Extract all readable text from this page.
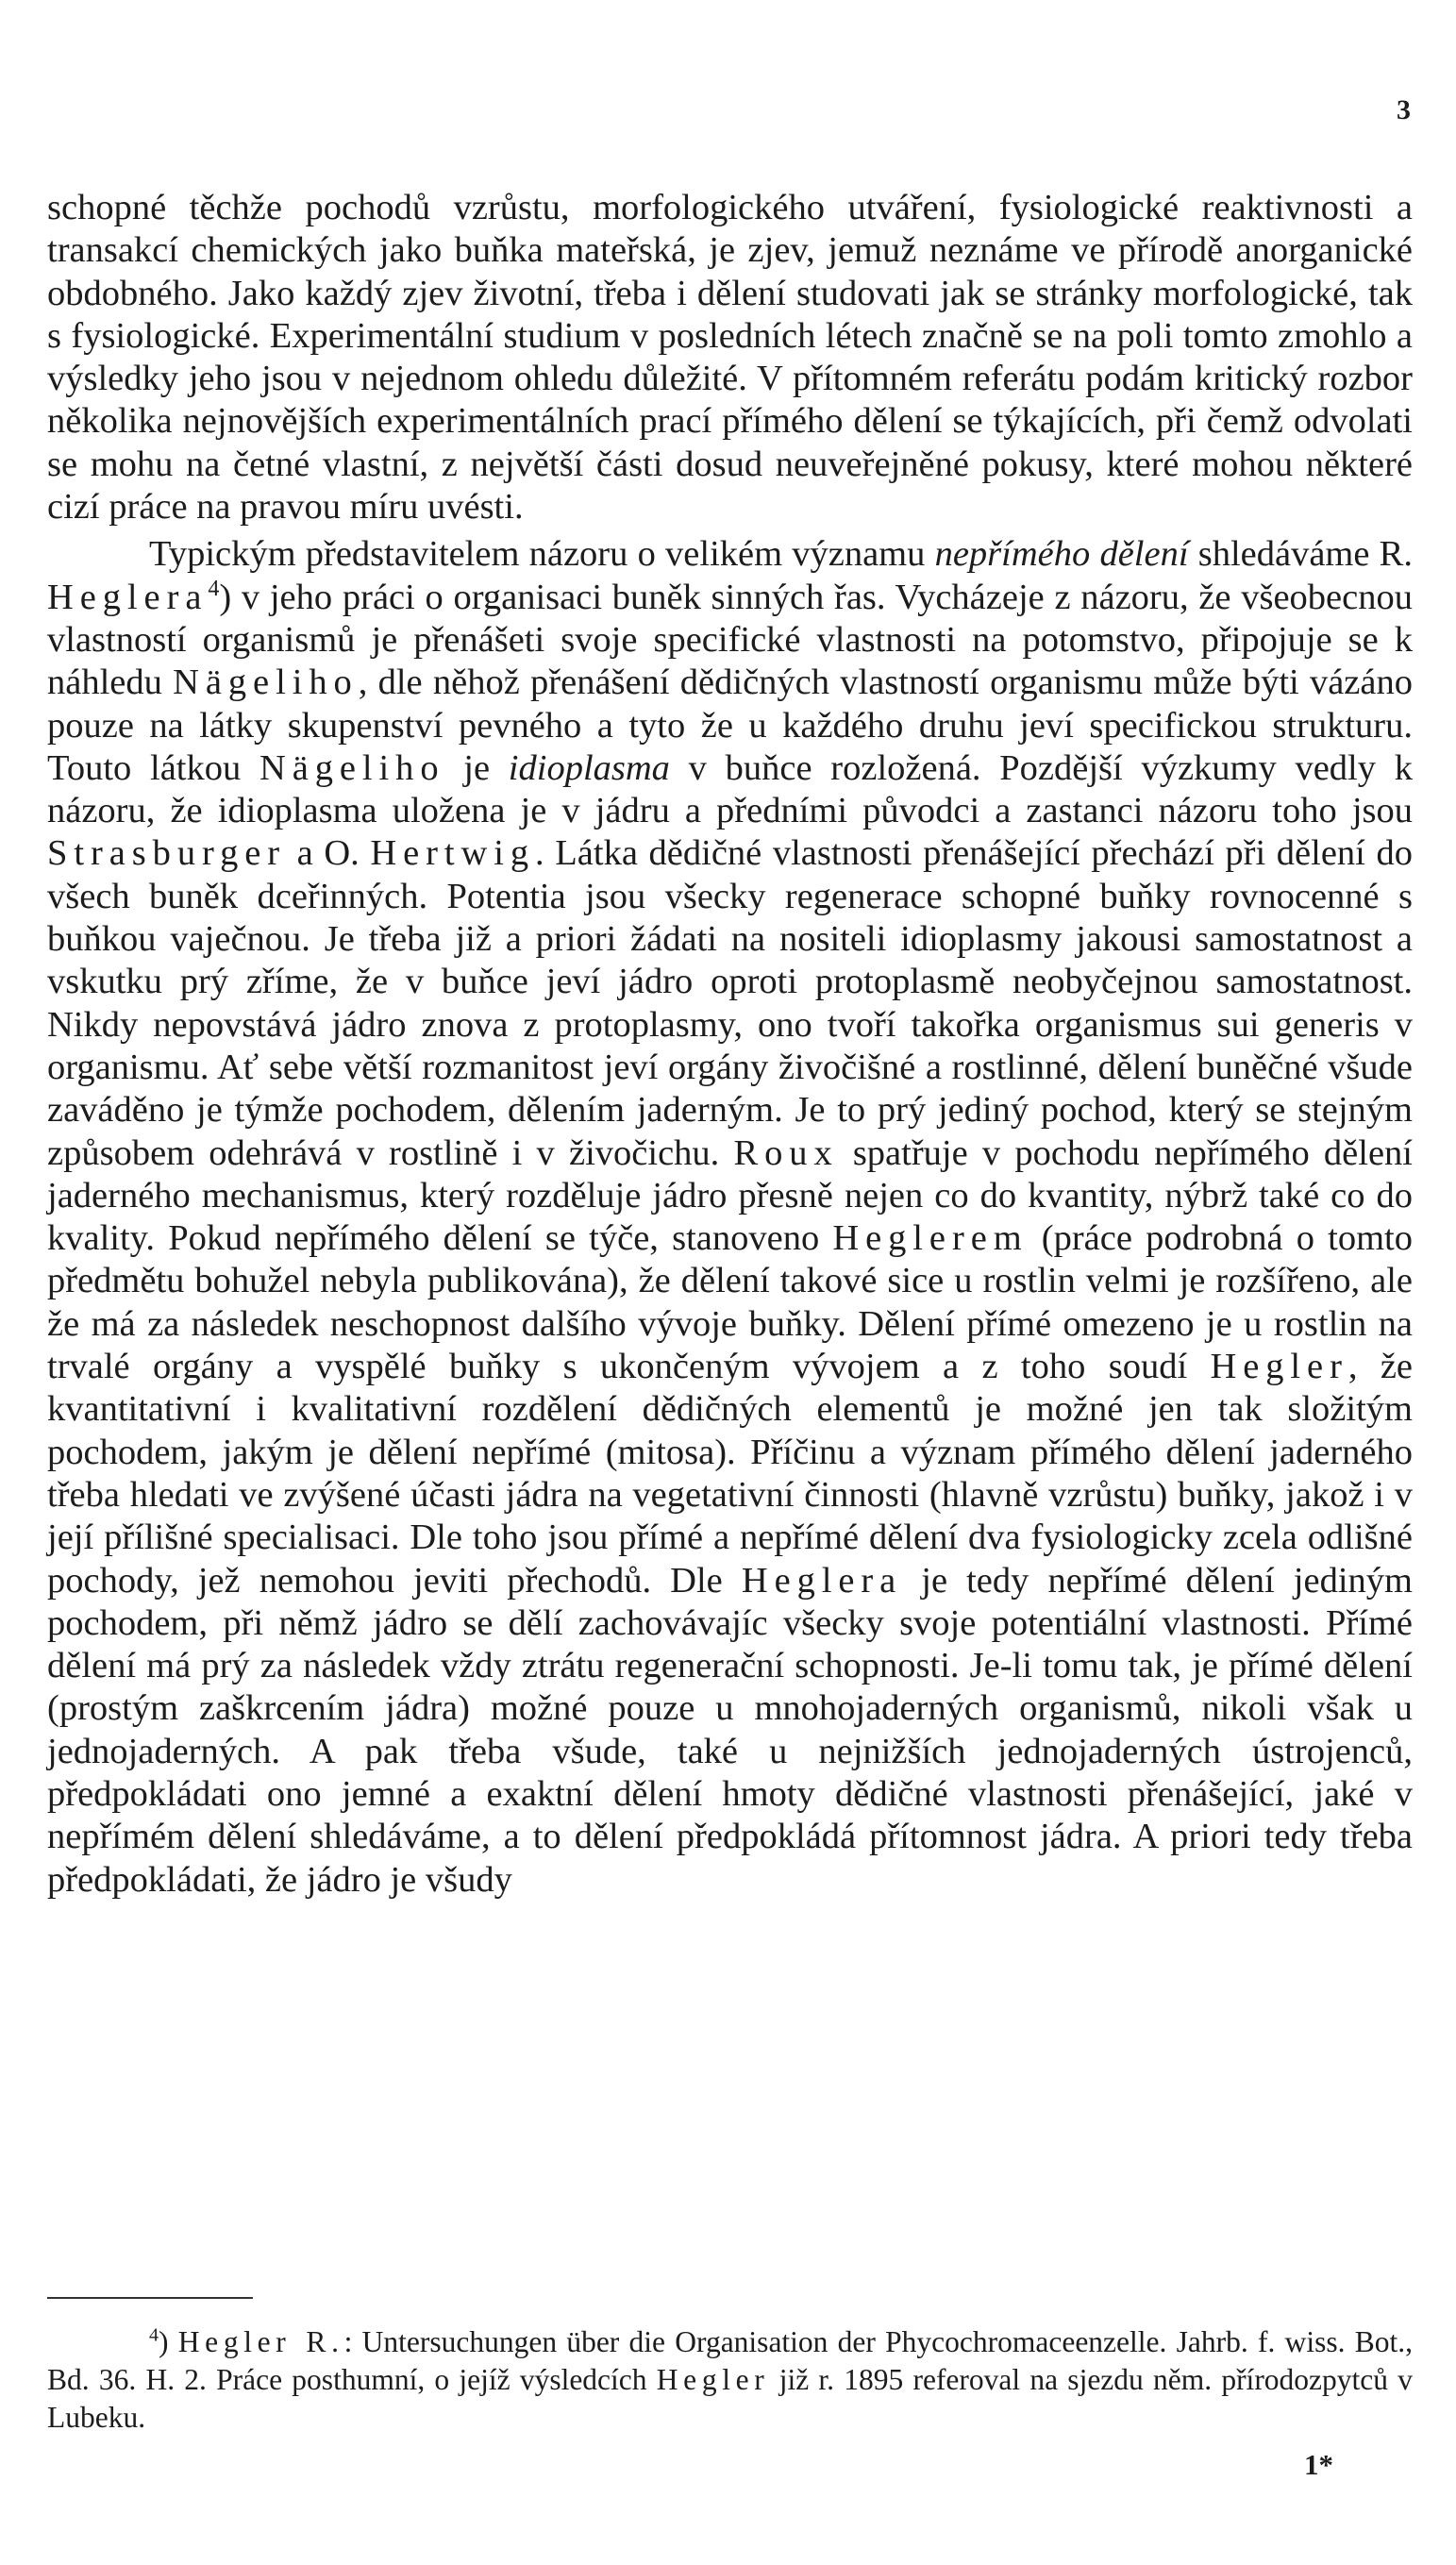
3

schopné těchže pochodů vzrůstu, morfologického utváření, fysiologické reaktivnosti a transakcí chemických jako buňka mateřská, je zjev, jemuž neznáme ve přírodě anorganické obdobného. Jako každý zjev životní, třeba i dělení studovati jak se stránky morfologické, tak s fysiologické. Experimentální studium v posledních létech značně se na poli tomto zmohlo a výsledky jeho jsou v nejednom ohledu důležité. V přítomném referátu podám kritický rozbor několika nejnovějších experimentálních prací přímého dělení se týkajících, při čemž odvolati se mohu na četné vlastní, z největší části dosud neuveřejněné pokusy, které mohou některé cizí práce na pravou míru uvésti.

Typickým představitelem názoru o velikém významu nepřímého dělení shledáváme R. Heglera$^4$) v jeho práci o organisaci buněk sinných řas. Vycházeje z názoru, že všeobecnou vlastností organismů je přenášeti svoje specifické vlastnosti na potomstvo, připojuje se k náhledu Nägeliho, dle něhož přenášení dědičných vlastností organismu může býti vázáno pouze na látky skupenství pevného a tyto že u každého druhu jeví specifickou strukturu. Touto látkou Nägeliho je idioplasma v buňce rozložená. Pozdější výzkumy vedly k názoru, že idioplasma uložena je v jádru a předními původci a zastanci názoru toho jsou Strasburger a O. Hertwig. Látka dědičné vlastnosti přenášející přechází při dělení do všech buněk dceřinných. Potentia jsou všecky regenerace schopné buňky rovnocenné s buňkou vaječnou. Je třeba již a priori žádati na nositeli idioplasmy jakousi samostatnost a vskutku prý zříme, že v buňce jeví jádro oproti protoplasmě neobyčejnou samostatnost. Nikdy nepovstává jádro znova z protoplasmy, ono tvoří takořka organismus sui generis v organismu. Ať sebe větší rozmanitost jeví orgány živočišné a rostlinné, dělení buněčné všude zaváděno je týmže pochodem, dělením jaderným. Je to prý jediný pochod, který se stejným způsobem odehrává v rostlině i v živočichu. Roux spatřuje v pochodu nepřímého dělení jaderného mechanismus, který rozděluje jádro přesně nejen co do kvantity, nýbrž také co do kvality. Pokud nepřímého dělení se týče, stanoveno Heglerem (práce podrobná o tomto předmětu bohužel nebyla publikována), že dělení takové sice u rostlin velmi je rozšířeno, ale že má za následek neschopnost dalšího vývoje buňky. Dělení přímé omezeno je u rostlin na trvalé orgány a vyspělé buňky s ukončeným vývojem a z toho soudí Hegler, že kvantitativní i kvalitativní rozdělení dědičných elementů je možné jen tak složitým pochodem, jakým je dělení nepřímé (mitosa). Příčinu a význam přímého dělení jaderného třeba hledati ve zvýšené účasti jádra na vegetativní činnosti (hlavně vzrůstu) buňky, jakož i v její přílišné specialisaci. Dle toho jsou přímé a nepřímé dělení dva fysiologicky zcela odlišné pochody, jež nemohou jeviti přechodů. Dle Heglera je tedy nepřímé dělení jediným pochodem, při němž jádro se dělí zachovávajíc všecky svoje potentiální vlastnosti. Přímé dělení má prý za následek vždy ztrátu regenerační schopnosti. Je-li tomu tak, je přímé dělení (prostým zaškrcením jádra) možné pouze u mnohojaderných organismů, nikoli však u jednojaderných. A pak třeba všude, také u nejnižších jednojaderných ústrojenců, předpokládati ono jemné a exaktní dělení hmoty dědičné vlastnosti přenášející, jaké v nepřímém dělení shledáváme, a to dělení předpokládá přítomnost jádra. A priori tedy třeba předpokládati, že jádro je všudy

$^4$) Hegler R.: Untersuchungen über die Organisation der Phycochromaceenzelle. Jahrb. f. wiss. Bot., Bd. 36. H. 2. Práce posthumní, o jejíž výsledcích Hegler již r. 1895 referoval na sjezdu něm. přírodozpytců v Lubeku.
1*
